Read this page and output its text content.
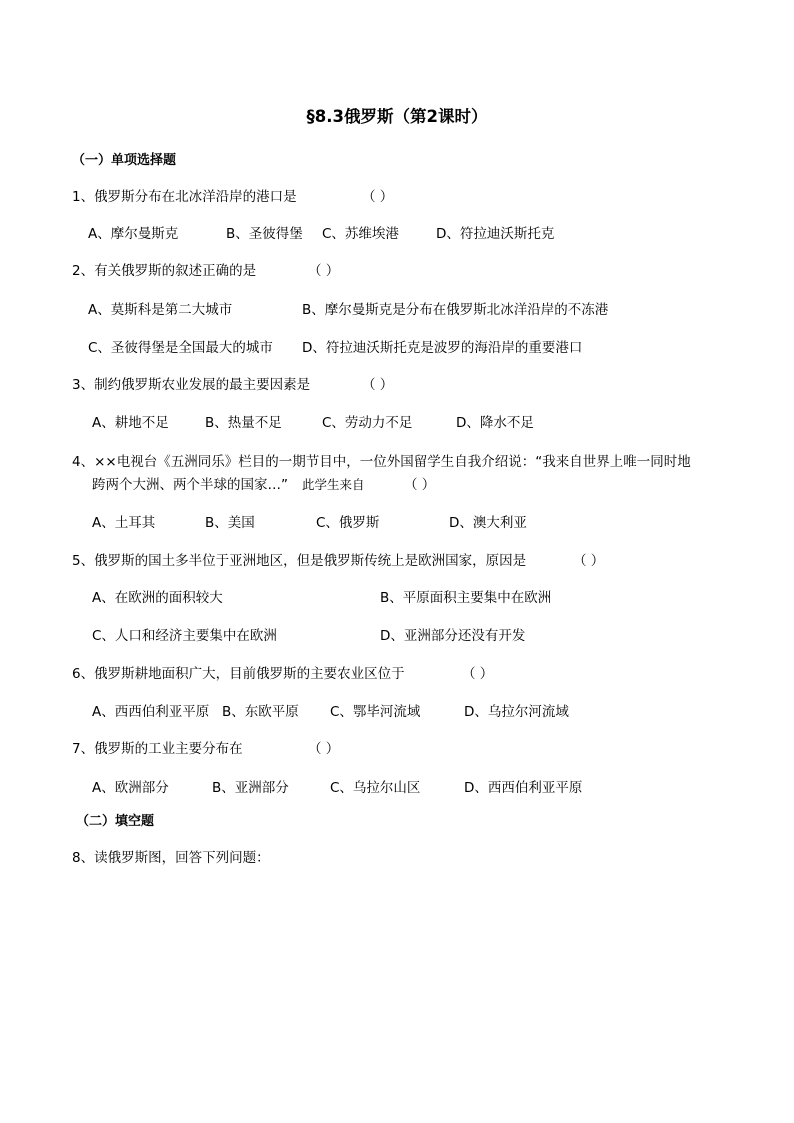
§8.3俄罗斯（第2课时）
（一）单项选择题
1、俄罗斯分布在北冰洋沿岸的港口是	（ ）
A、摩尔曼斯克	B、圣彼得堡 C、苏维埃港	D、符拉迪沃斯托克
2、有关俄罗斯的叙述正确的是	（ ）
A、莫斯科是第二大城市	B、摩尔曼斯克是分布在俄罗斯北冰洋沿岸的不冻港
C、圣彼得堡是全国最大的城市 D、符拉迪沃斯托克是波罗的海沿岸的重要港口
3、制约俄罗斯农业发展的最主要因素是	（ ）
A、耕地不足	B、热量不足	C、劳动力不足	D、降水不足
4、××电视台《五洲同乐》栏目的一期节目中，一位外国留学生自我介绍说：“我来自世界上唯一同时地
跨两个大洲、两个半球的国家…” 此学生来自	（ ）
A、土耳其	B、美国	C、俄罗斯	D、澳大利亚
5、俄罗斯的国土多半位于亚洲地区，但是俄罗斯传统上是欧洲国家，原因是	（ ）
A、在欧洲的面积较大	B、平原面积主要集中在欧洲
C、人口和经济主要集中在欧洲	D、亚洲部分还没有开发
6、俄罗斯耕地面积广大，目前俄罗斯的主要农业区位于	（ ）
A、西西伯利亚平原 B、东欧平原 C、鄂毕河流域	D、乌拉尔河流域
7、俄罗斯的工业主要分布在	（ ）
A、欧洲部分	B、亚洲部分	C、乌拉尔山区	D、西西伯利亚平原
（二）填空题
8、读俄罗斯图，回答下列问题：
